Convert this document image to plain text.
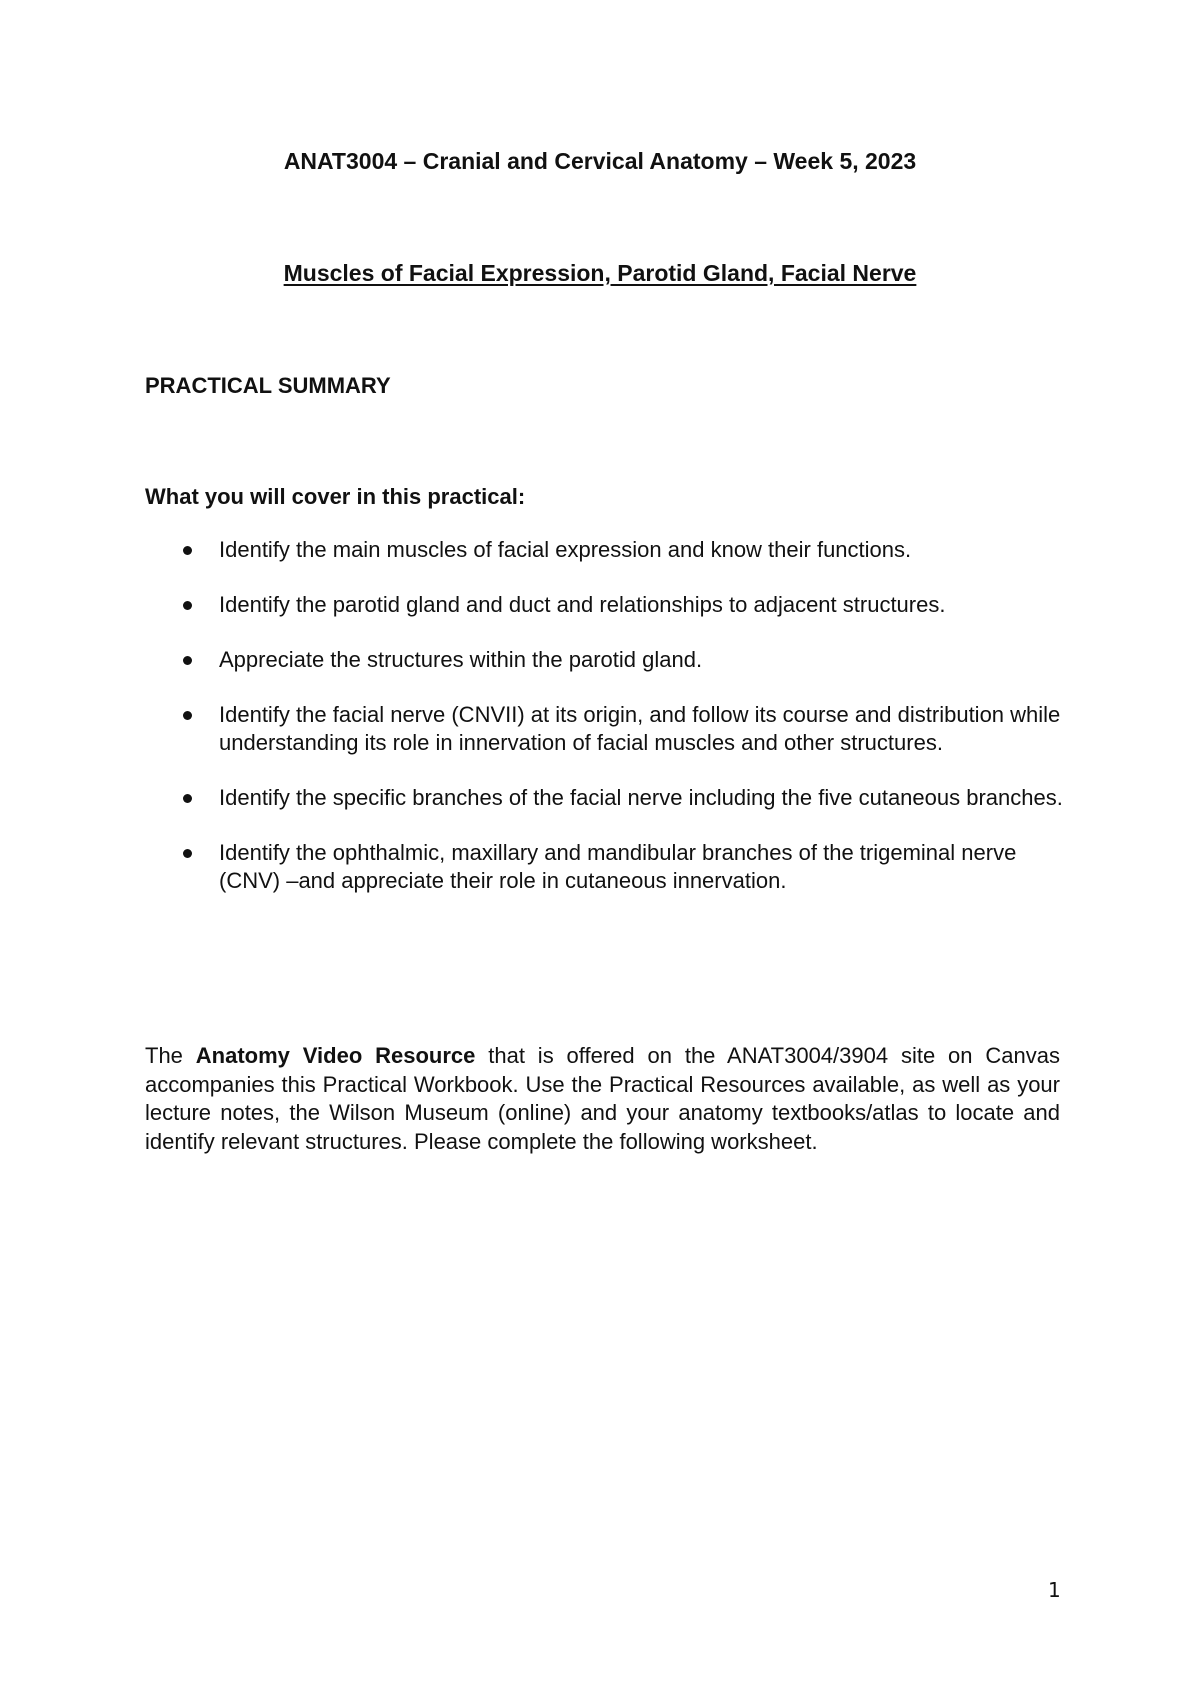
ANAT3004 – Cranial and Cervical Anatomy – Week 5, 2023
Muscles of Facial Expression, Parotid Gland, Facial Nerve
PRACTICAL SUMMARY
What you will cover in this practical:
Identify the main muscles of facial expression and know their functions.
Identify the parotid gland and duct and relationships to adjacent structures.
Appreciate the structures within the parotid gland.
Identify the facial nerve (CNVII) at its origin, and follow its course and distribution while understanding its role in innervation of facial muscles and other structures.
Identify the specific branches of the facial nerve including the five cutaneous branches.
Identify the ophthalmic, maxillary and mandibular branches of the trigeminal nerve (CNV) –and appreciate their role in cutaneous innervation.

The Anatomy Video Resource that is offered on the ANAT3004/3904 site on Canvas accompanies this Practical Workbook. Use the Practical Resources available, as well as your lecture notes, the Wilson Museum (online) and your anatomy textbooks/atlas to locate and identify relevant structures. Please complete the following worksheet.

1
